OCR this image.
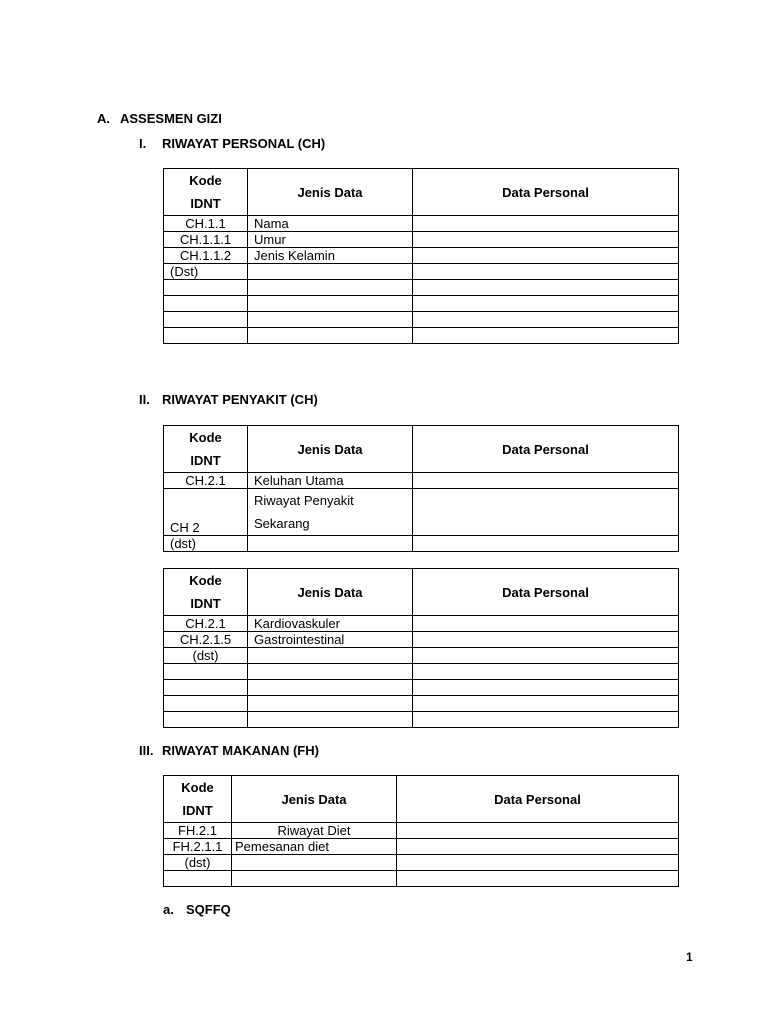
A. ASSESMEN GIZI
I. RIWAYAT PERSONAL (CH)
Kode
IDNT	Jenis Data	Data Personal
CH.1.1	Nama	
CH.1.1.1	Umur	
CH.1.1.2	Jenis Kelamin	
(Dst)		

II. RIWAYAT PENYAKIT (CH)
Kode
IDNT	Jenis Data	Data Personal
CH.2.1	Keluhan Utama	
CH 2	Riwayat Penyakit
Sekarang	
(dst)		
Kode
IDNT	Jenis Data	Data Personal
CH.2.1	Kardiovaskuler	
CH.2.1.5	Gastrointestinal	
(dst)		

III. RIWAYAT MAKANAN (FH)
Kode
IDNT	Jenis Data	Data Personal
FH.2.1	Riwayat Diet	
FH.2.1.1	Pemesanan diet	
(dst)		

a. SQFFQ
1
